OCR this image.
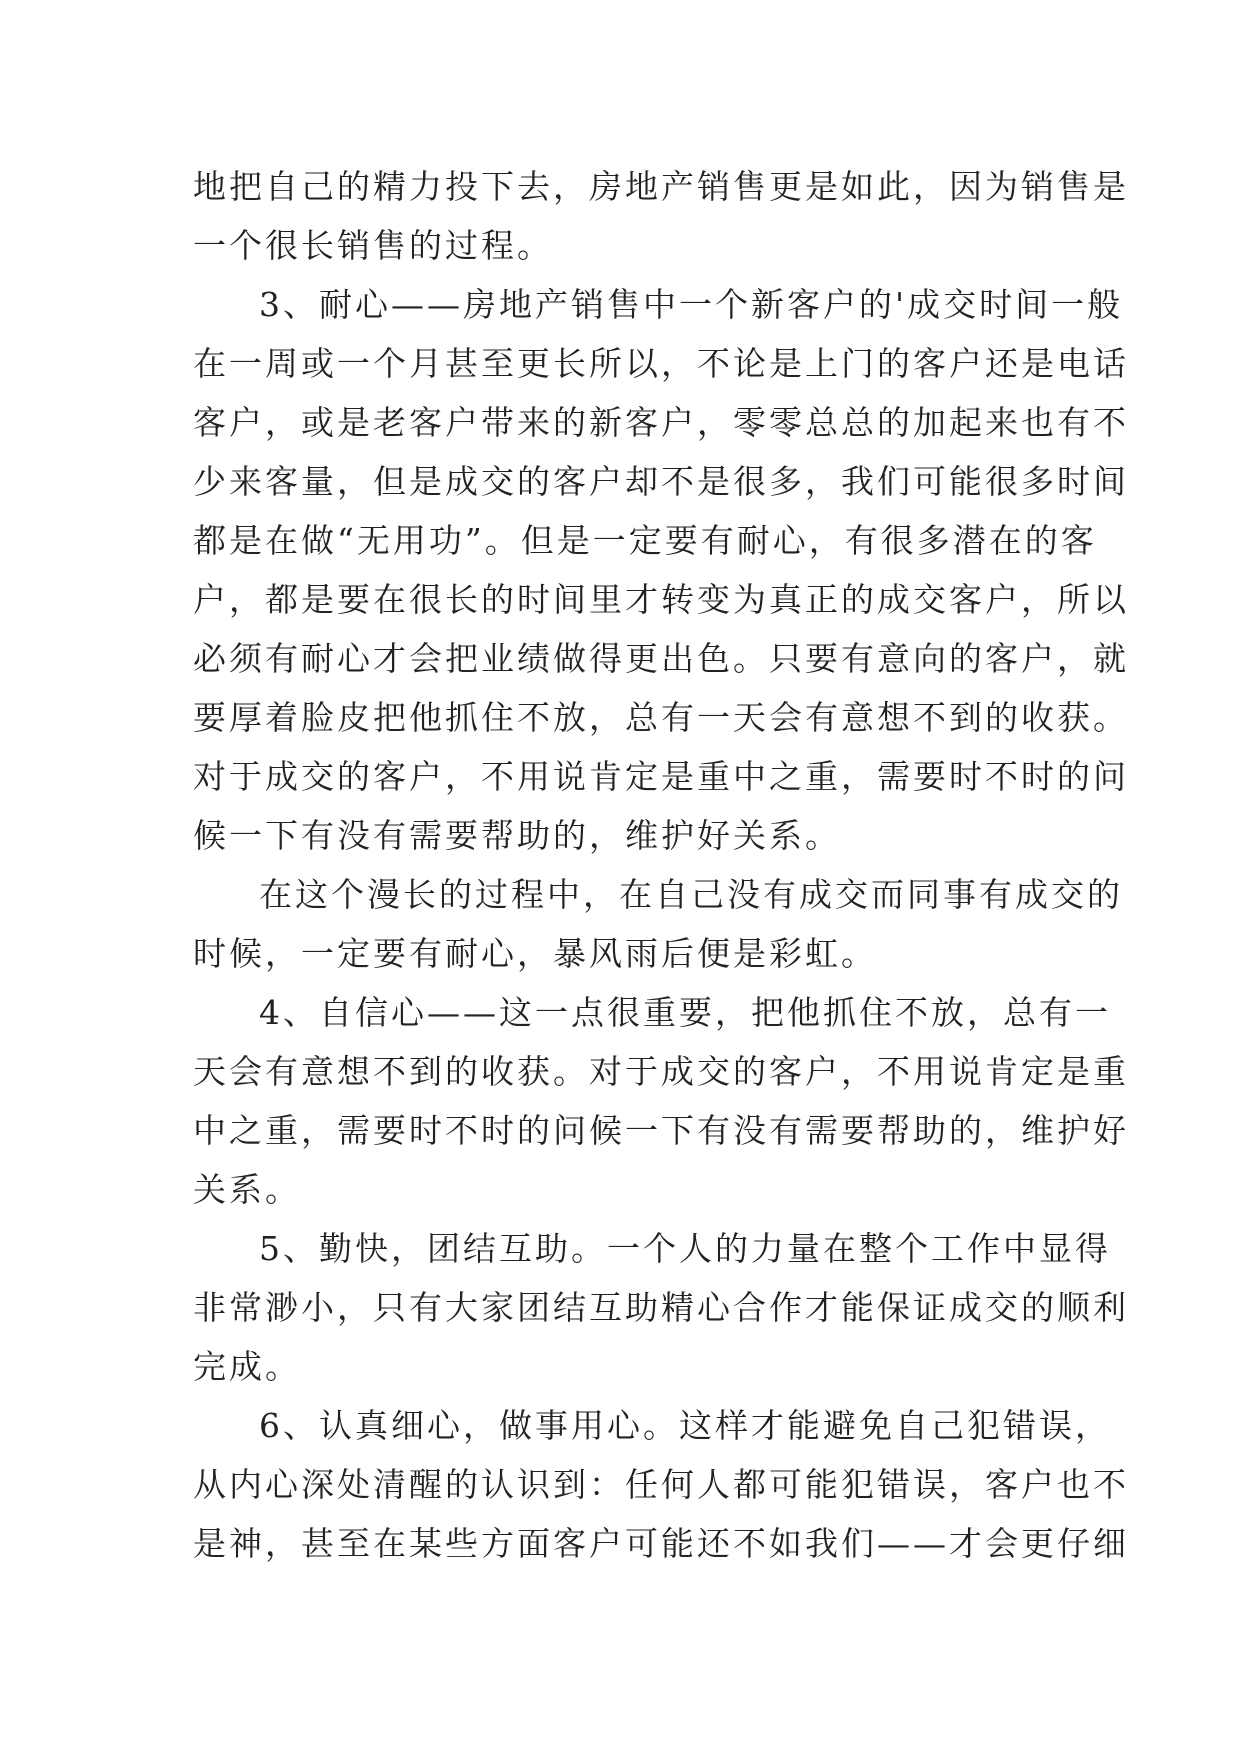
地把自己的精力投下去，房地产销售更是如此，因为销售是
一个很长销售的过程。
3、耐心——房地产销售中一个新客户的'成交时间一般
在一周或一个月甚至更长所以，不论是上门的客户还是电话
客户，或是老客户带来的新客户，零零总总的加起来也有不
少来客量，但是成交的客户却不是很多，我们可能很多时间
都是在做“无用功”。但是一定要有耐心，有很多潜在的客
户，都是要在很长的时间里才转变为真正的成交客户，所以
必须有耐心才会把业绩做得更出色。只要有意向的客户，就
要厚着脸皮把他抓住不放，总有一天会有意想不到的收获。
对于成交的客户，不用说肯定是重中之重，需要时不时的问
候一下有没有需要帮助的，维护好关系。
在这个漫长的过程中，在自己没有成交而同事有成交的
时候，一定要有耐心，暴风雨后便是彩虹。
4、自信心——这一点很重要，把他抓住不放，总有一
天会有意想不到的收获。对于成交的客户，不用说肯定是重
中之重，需要时不时的问候一下有没有需要帮助的，维护好
关系。
5、勤快，团结互助。一个人的力量在整个工作中显得
非常渺小，只有大家团结互助精心合作才能保证成交的顺利
完成。
6、认真细心，做事用心。这样才能避免自己犯错误，
从内心深处清醒的认识到：任何人都可能犯错误，客户也不
是神，甚至在某些方面客户可能还不如我们——才会更仔细
